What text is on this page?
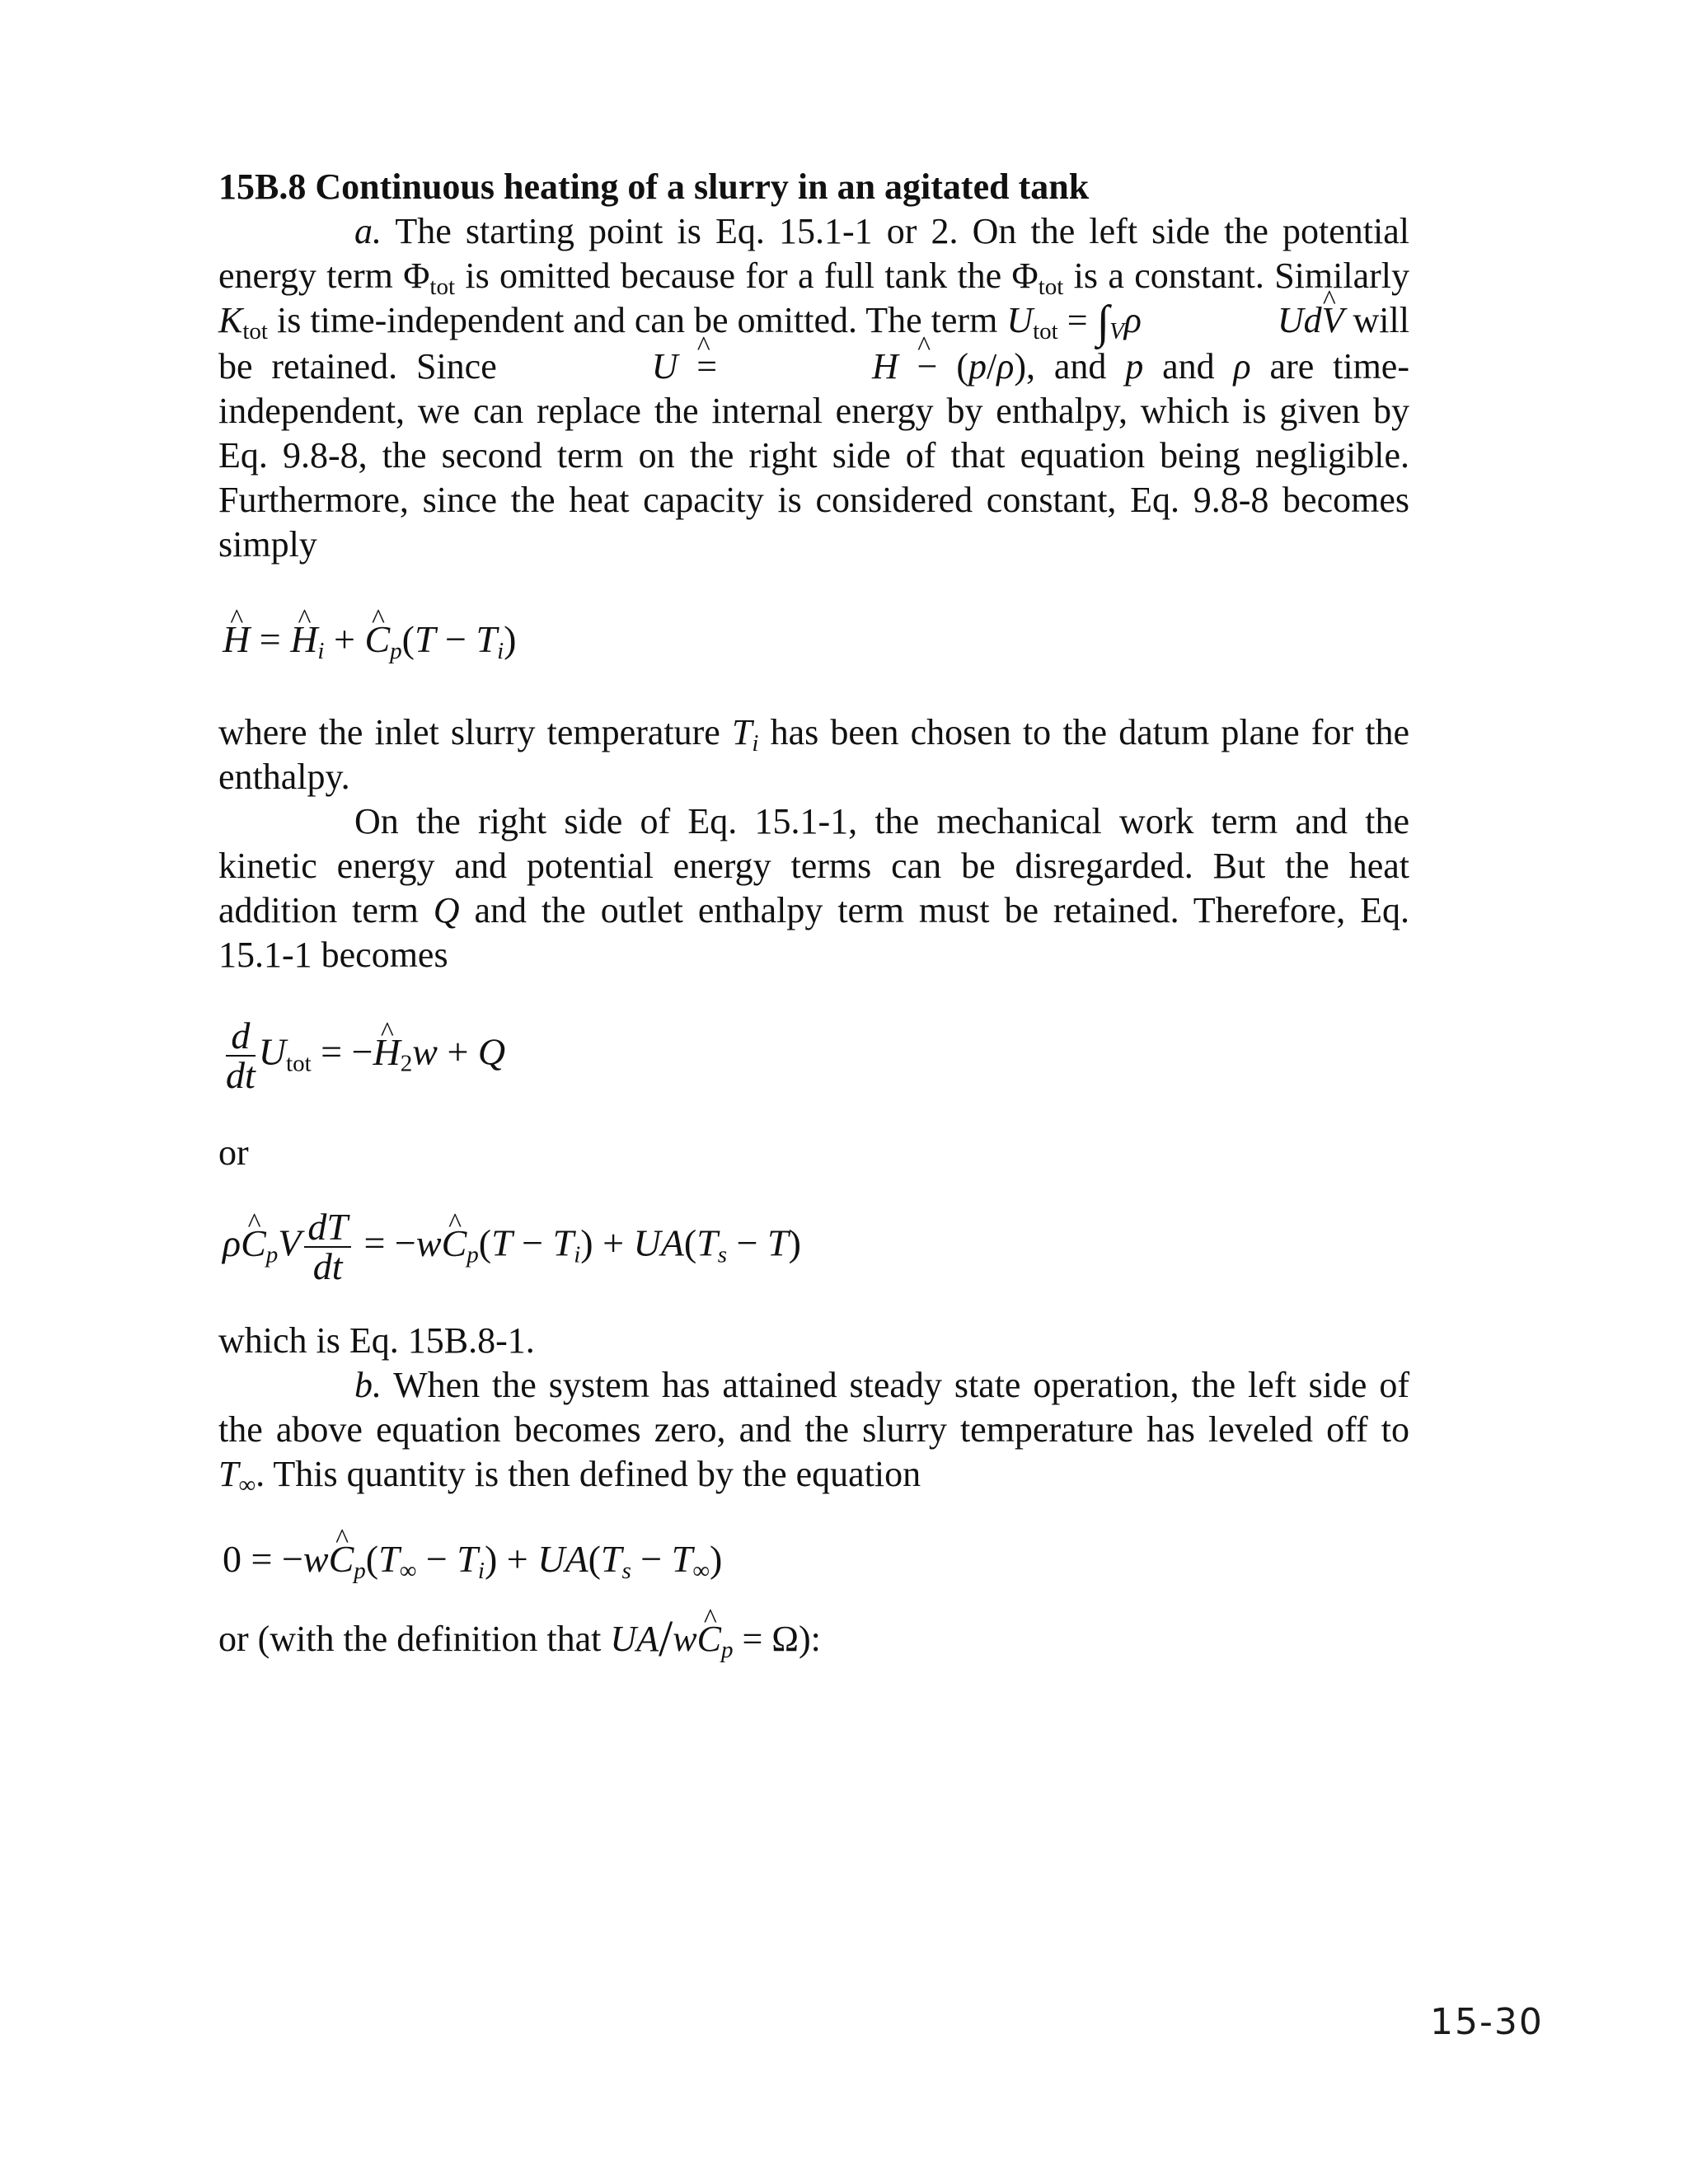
15B.8 Continuous heating of a slurry in an agitated tank

a. The starting point is Eq. 15.1-1 or 2. On the left side the potential energy term $\Phi_{tot}$ is omitted because for a full tank the $\Phi_{tot}$ is a constant. Similarly $K_{tot}$ is time-independent and can be omitted. The term $U_{tot}$ = $\int_V\rho\^{}$	UdV will be retained. Since ^	U = ^	H − (p/ρ), and p and ρ are time-independent, we can replace the internal energy by enthalpy, which is given by Eq. 9.8-8, the second term on the right side of that equation being negligible. Furthermore, since the heat capacity is considered constant, Eq. 9.8-8 becomes simply

^ H = ^ $H_i$ + ^ $C_p(T - T_i)$

where the inlet slurry temperature $T_i$ has been chosen to the datum plane for the enthalpy.

On the right side of Eq. 15.1-1, the mechanical work term and the kinetic energy and potential energy terms can be disregarded. But the heat addition term Q and the outlet enthalpy term must be retained. Therefore, Eq. 15.1-1 becomes

$\frac{d}{dt} U_{tot}$ = −^ $H_2w + Q$

or

ρ^ $C_pV \frac{dT}{dt}$ = −w^ $C_p(T - T_i) + UA(T_s - T)$

which is Eq. 15B.8-1.

b. When the system has attained steady state operation, the left side of the above equation becomes zero, and the slurry temperature has leveled off to $T_\infty$. This quantity is then defined by the equation

0 = −w^ $C_p(T_\infty - T_i) + UA(T_s - T_\infty)$

or (with the definition that UA/w^ $C_p = \Omega$):

15-30
